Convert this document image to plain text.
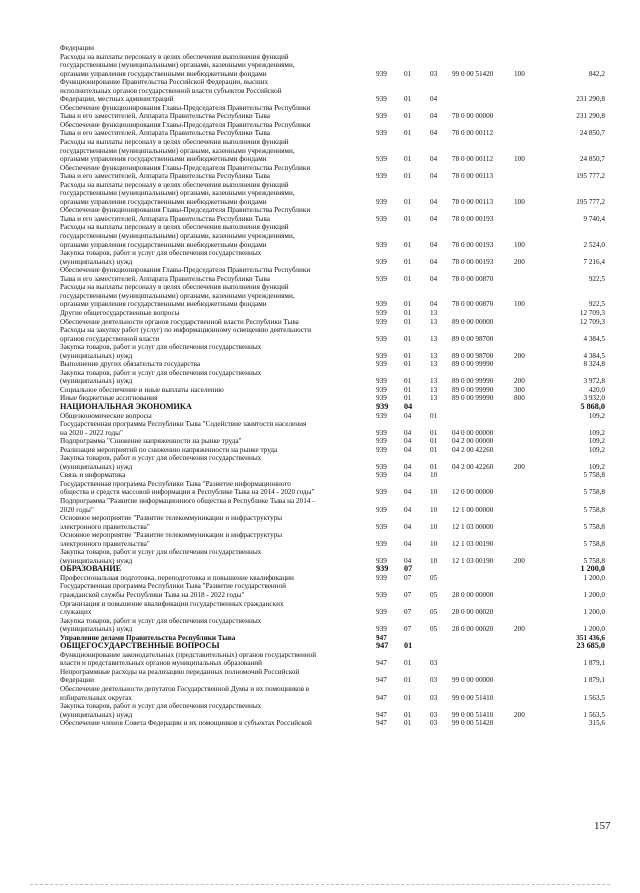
Федерации
Расходы на выплаты персоналу в целях обеспечения выполнения функций
государственными (муниципальными) органами, казенными учреждениями,
органами управления государственными внебюджетными фондами	939	01	03	99 0 00 51420	100	842,2
Функционирование Правительства Российской Федерации, высших
исполнительных органов государственной власти субъектов Российской
Федерации, местных администраций	939	01	04	231 290,8
Обеспечение функционирования Главы-Председателя Правительства Республики
Тыва и его заместителей, Аппарата Правительства Республики Тыва	939	01	04	78 0 00 00000	231 290,8
Обеспечение функционирования Главы-Председателя Правительства Республики
Тыва и его заместителей, Аппарата Правительства Республики Тыва	939	01	04	78 0 00 00112	24 850,7
Расходы на выплаты персоналу в целях обеспечения выполнения функций
государственными (муниципальными) органами, казенными учреждениями,
органами управления государственными внебюджетными фондами	939	01	04	78 0 00 00112	100	24 850,7
Обеспечение функционирования Главы-Председателя Правительства Республики
Тыва и его заместителей, Аппарата Правительства Республики Тыва	939	01	04	78 0 00 00113	195 777,2
Расходы на выплаты персоналу в целях обеспечения выполнения функций
государственными (муниципальными) органами, казенными учреждениями,
органами управления государственными внебюджетными фондами	939	01	04	78 0 00 00113	100	195 777,2
Обеспечение функционирования Главы-Председателя Правительства Республики
Тыва и его заместителей, Аппарата Правительства Республики Тыва	939	01	04	78 0 00 00193	9 740,4
Расходы на выплаты персоналу в целях обеспечения выполнения функций
государственными (муниципальными) органами, казенными учреждениями,
органами управления государственными внебюджетными фондами	939	01	04	78 0 00 00193	100	2 524,0
Закупка товаров, работ и услуг для обеспечения государственных
(муниципальных) нужд	939	01	04	78 0 00 00193	200	7 216,4
Обеспечение функционирования Главы-Председателя Правительства Республики
Тыва и его заместителей, Аппарата Правительства Республики Тыва	939	01	04	78 0 00 00870	922,5
Расходы на выплаты персоналу в целях обеспечения выполнения функций
государственными (муниципальными) органами, казенными учреждениями,
органами управления государственными внебюджетными фондами	939	01	04	78 0 00 00870	100	922,5
Другие общегосударственные вопросы	939	01	13	12 709,3
Обеспечение деятельности органов государственной власти Республики Тыва	939	01	13	89 0 00 00000	12 709,3
Расходы на закупку работ (услуг) по информационному освещению деятельности
органов государственной власти	939	01	13	89 0 00 98700	4 384,5
Закупка товаров, работ и услуг для обеспечения государственных
(муниципальных) нужд	939	01	13	89 0 00 98700	200	4 384,5
Выполнение других обязательств государства	939	01	13	89 0 00 99990	8 324,8
Закупка товаров, работ и услуг для обеспечения государственных
(муниципальных) нужд	939	01	13	89 0 00 99990	200	3 972,8
Социальное обеспечение и иные выплаты населению	939	01	13	89 0 00 99990	300	420,0
Иные бюджетные ассигнования	939	01	13	89 0 00 99990	800	3 932,0
НАЦИОНАЛЬНАЯ ЭКОНОМИКА	939	04	5 868,0
Общеэкономические вопросы	939	04	01	109,2
Государственная программа Республики Тыва "Содействие занятости населения
на 2020 - 2022 годы"	939	04	01	04 0 00 00000	109,2
Подпрограмма "Снижение напряженности на рынке труда"	939	04	01	04 2 00 00000	109,2
Реализация мероприятий по снижению напряженности на рынке труда	939	04	01	04 2 00 42260	109,2
Закупка товаров, работ и услуг для обеспечения государственных
(муниципальных) нужд	939	04	01	04 2 00 42260	200	109,2
Связь и информатика	939	04	10	5 758,8
Государственная программа Республики Тыва "Развитие информационного
общества и средств массовой информации в Республике Тыва на 2014 - 2020 годы"	939	04	10	12 0 00 00000	5 758,8
Подпрограмма "Развитие информационного общества в Республике Тыва на 2014 -
2020 годы"	939	04	10	12 1 00 00000	5 758,8
Основное мероприятие "Развитие телекоммуникации и инфраструктуры
электронного правительства"	939	04	10	12 1 03 00000	5 758,8
Основное мероприятие "Развитие телекоммуникации и инфраструктуры
электронного правительства"	939	04	10	12 1 03 00190	5 758,8
Закупка товаров, работ и услуг для обеспечения государственных
(муниципальных) нужд	939	04	10	12 1 03 00190	200	5 758,8
ОБРАЗОВАНИЕ	939	07	1 200,0
Профессиональная подготовка, переподготовка и повышение квалификации	939	07	05	1 200,0
Государственная программа Республики Тыва "Развитие государственной
гражданской службы Республики Тыва на 2018 - 2022 годы"	939	07	05	28 0 00 00000	1 200,0
Организация и повышение квалификации государственных гражданских
служащих	939	07	05	28 0 00 00020	1 200,0
Закупка товаров, работ и услуг для обеспечения государственных
(муниципальных) нужд	939	07	05	28 0 00 00020	200	1 200,0
Управление делами Правительства Республики Тыва	947	351 436,6
ОБЩЕГОСУДАРСТВЕННЫЕ ВОПРОСЫ	947	01	23 685,0
Функционирование законодательных (представительных) органов государственной
власти и представительных органов муниципальных образований	947	01	03	1 879,1
Непрограммные расходы на реализацию переданных полномочий Российской
Федерации	947	01	03	99 0 00 00000	1 879,1
Обеспечение деятельности депутатов Государственной Думы и их помощников в
избирательных округах	947	01	03	99 0 00 51410	1 563,5
Закупка товаров, работ и услуг для обеспечения государственных
(муниципальных) нужд	947	01	03	99 0 00 51410	200	1 563,5
Обеспечение членов Совета Федерации и их помощников в субъектах Российской	947	01	03	99 0 00 51420	315,6
157
